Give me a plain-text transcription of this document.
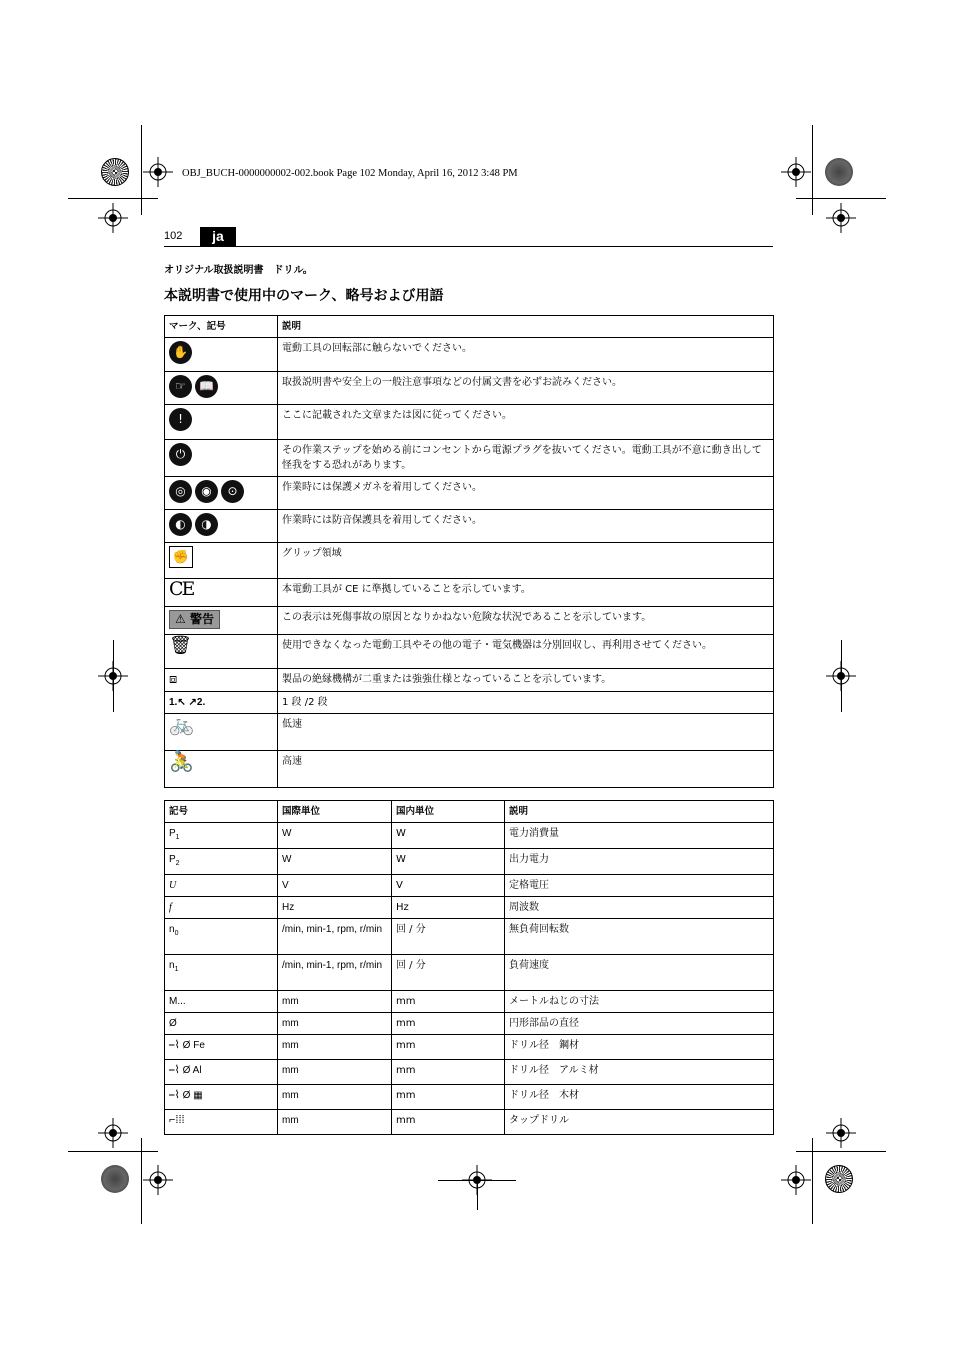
OBJ_BUCH-0000000002-002.book Page 102 Monday, April 16, 2012 3:48 PM
102	ja
オリジナル取扱説明書　ドリル。
本説明書で使用中のマーク、略号および用語
マーク、記号	説明
✋	電動工具の回転部に触らないでください。
☞ 📖	取扱説明書や安全上の一般注意事項などの付属文書を必ずお読みください。
!	ここに記載された文章または図に従ってください。
⏻	その作業ステップを始める前にコンセントから電源プラグを抜いてください。電動工具が不意に動き出して怪我をする恐れがあります。
◎ ◉ ⊙	作業時には保護メガネを着用してください。
◐ ◑	作業時には防音保護具を着用してください。
✊	グリップ領域
CE	本電動工具が CE に準拠していることを示しています。
⚠ 警告	この表示は死傷事故の原因となりかねない危険な状況であることを示しています。
🗑	使用できなくなった電動工具やその他の電子・電気機器は分別回収し、再利用させてください。
⧈	製品の絶縁機構が二重または強強仕様となっていることを示しています。
1.↖ ↗2.	1 段 /2 段
🚲	低速
🚴	高速
記号	国際単位	国内単位	説明
$P_1$	W	W	電力消費量
$P_2$	W	W	出力電力
U	V	V	定格電圧
f	Hz	Hz	周波数
$n_0$	/min, min-1, rpm, r/min	回 / 分	無負荷回転数
$n_1$	/min, min-1, rpm, r/min	回 / 分	負荷速度
M...	mm	mm	メートルねじの寸法
Ø	mm	mm	円形部品の直径
⎯⌇ Ø Fe	mm	mm	ドリル径　鋼材
⎯⌇ Ø Al	mm	mm	ドリル径　アルミ材
⎯⌇ Ø ▦	mm	mm	ドリル径　木材
⌐⁞⁞⁞	mm	mm	タップドリル
